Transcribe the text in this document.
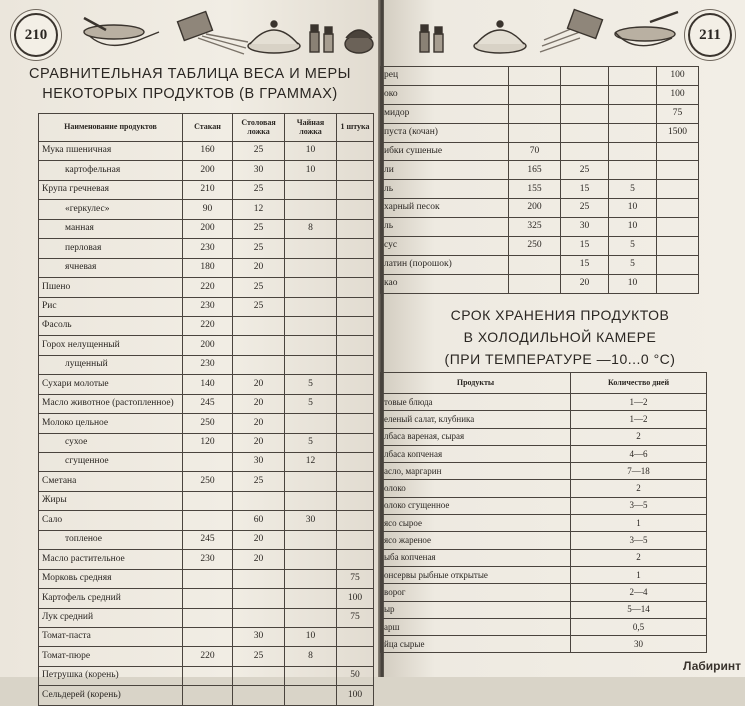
210
СРАВНИТЕЛЬНАЯ ТАБЛИЦА ВЕСА И МЕРЫ
НЕКОТОРЫХ ПРОДУКТОВ (В ГРАММАХ)
Наименование продуктов	Стакан	Столовая ложка	Чайная ложка	1 штука
Мука пшеничная	160	25	10	
картофельная	200	30	10	
Крупа гречневая	210	25		
«геркулес»	90	12		
манная	200	25	8	
перловая	230	25		
ячневая	180	20		
Пшено	220	25		
Рис	230	25		
Фасоль	220			
Горох нелущенный	200			
лущенный	230			
Сухари молотые	140	20	5	
Масло животное (растопленное)	245	20	5	
Молоко цельное	250	20		
сухое	120	20	5	
сгущенное		30	12	
Сметана	250	25		
Жиры				
Сало		60	30	
топленое	245	20		
Масло растительное	230	20		
Морковь средняя				75
Картофель средний				100
Лук средний				75
Томат-паста		30	10	
Томат-пюре	220	25	8	
Петрушка (корень)				50
Сельдерей (корень)				100
211
рец				100
око				100
мидор				75
пуста (кочан)				1500
ибки сушеные	70			
ли	165	25		
ль	155	15	5	
харный песок	200	25	10	
ль	325	30	10	
сус	250	15	5	
латин (порошок)		15	5	
као		20	10	
СРОК ХРАНЕНИЯ ПРОДУКТОВ
В ХОЛОДИЛЬНОЙ КАМЕРЕ
(ПРИ ТЕМПЕРАТУРЕ —10...0 °С)
Продукты	Количество дней
товые блюда	1—2
еленый салат, клубника	1—2
лбаса вареная, сырая	2
лбаса копченая	4—6
асло, маргарин	7—18
олоко	2
олоко сгущенное	3—5
ясо сырое	1
ясо жареное	3—5
ыба копченая	2
онсервы рыбные открытые	1
ворог	2—4
ыр	5—14
арш	0,5
йца сырые	30
Лабиринт
